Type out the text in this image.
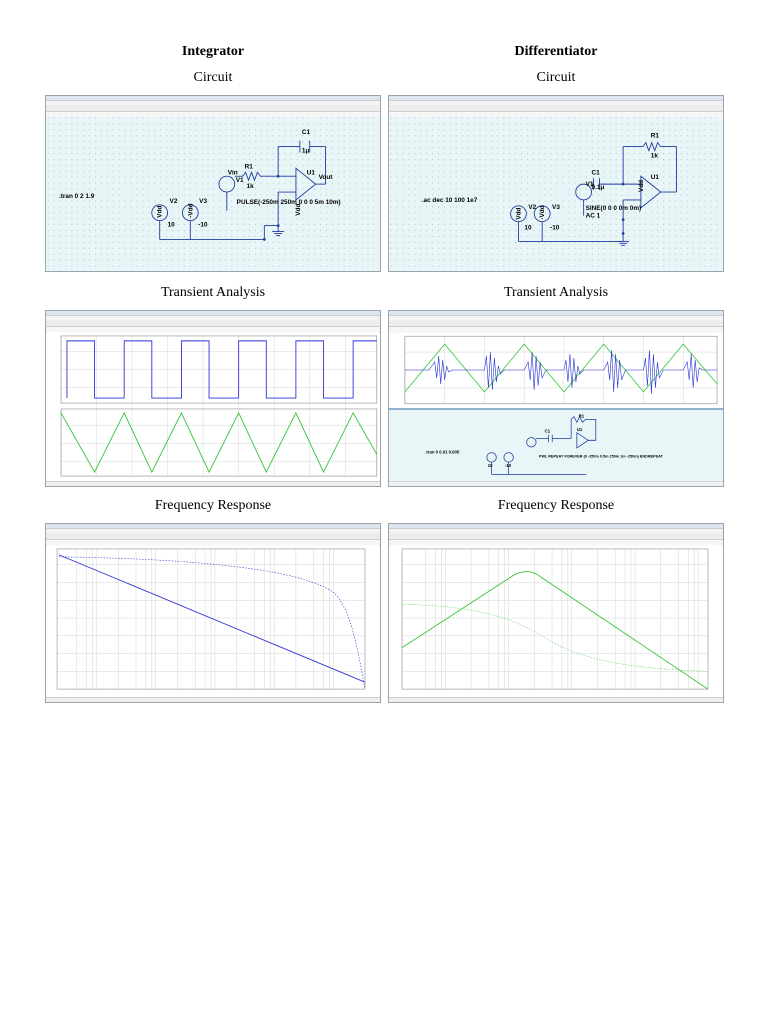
Integrator
Circuit
.tran 0 2 1.9
C1
1μ
R1
1k
Vin
V1
U1
Vout
Vdd
Vdd	-Vdd
V2	V3
10	-10
PULSE(-250m 250m 0 0 0 5m 10m)
Transient Analysis
Frequency Response
Differentiator
Circuit
.ac dec 10 100 1e7
R1
1k
C1
V1
0.1μ
U1
Vdd
Vdd	-Vdd
V2 V3
10	-10
SINE(0 0 0 0m 0m)
AC 1
Transient Analysis
.tran 0 0.01 0.005
PWL REPEAT FOREVER (0 -250m 0.5m 250m 1m -250m) ENDREPEAT
C1
R1
U1
10	-10
Frequency Response
